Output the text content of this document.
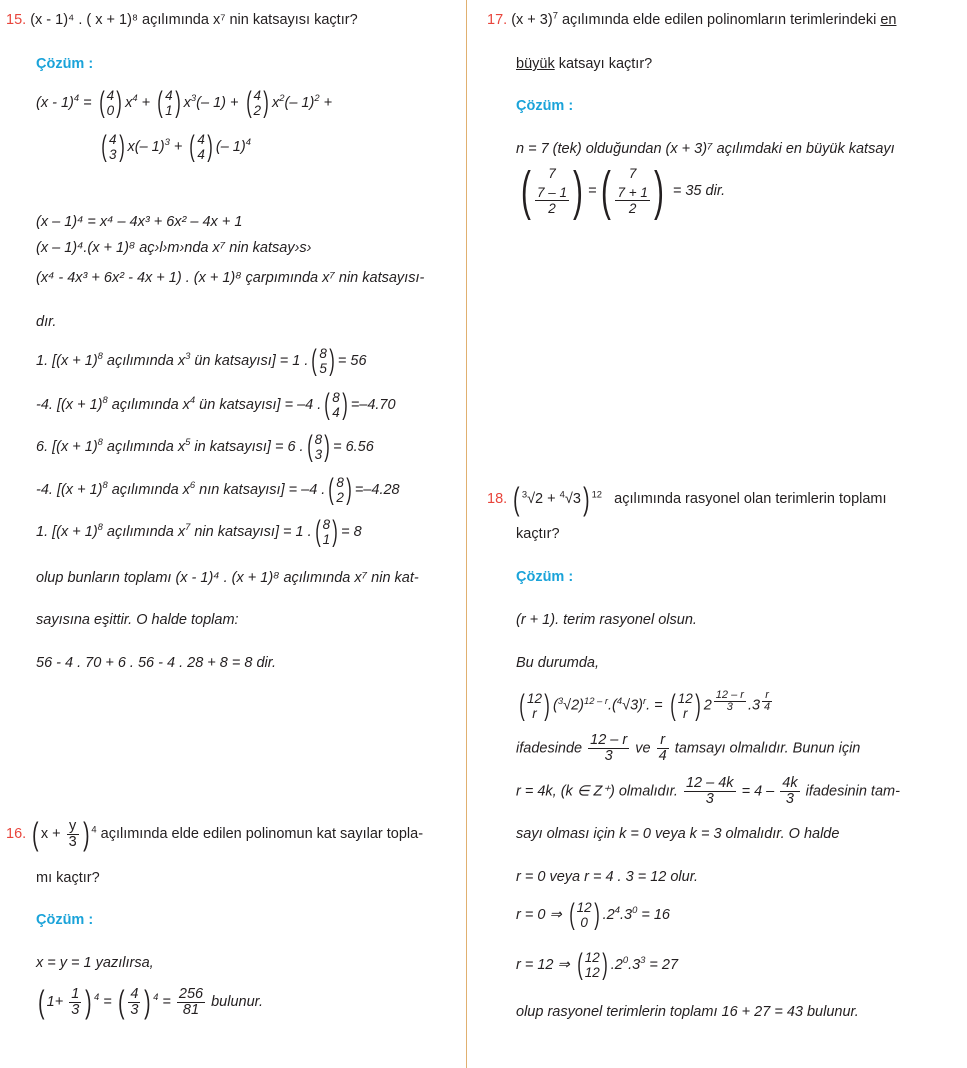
15. (x - 1)⁴ . ( x + 1)⁸ açılımında x⁷ nin katsayısı kaçtır?
Çözüm :
(x - 1)$^4$ = ( 4
0 ) $x^4$ + ( 4
1 ) $x^3(-$ 1) + ( 4
2 ) $x^2(-$ 1)$^2$ +
( 4
3 ) x(– 1)$^3$ + ( 4
4 ) (– 1)$^4$
(x – 1)⁴ = x⁴ – 4x³ + 6x² – 4x + 1
(x – 1)⁴.(x + 1)⁸ aç›l›m›nda x⁷ nin katsay›s›
(x⁴ - 4x³ + 6x² - 4x + 1) . (x + 1)⁸ çarpımında x⁷ nin katsayısı-
dır.
1. [$(x + 1)^8$ açılımında $x^3$ ün katsayısı] = 1 . ( 8
5 ) = 56
-4. [$(x + 1)^8$ açılımında $x^4$ ün katsayısı] = –4 . ( 8
4 ) =–4.70
6. [$(x + 1)^8$ açılımında $x^5$ in katsayısı] = 6 . ( 8
3 ) = 6.56
-4. [$(x + 1)^8$ açılımında $x^6$ nın katsayısı] = –4 . ( 8
2 ) =–4.28
1. [$(x + 1)^8$ açılımında $x^7$ nin katsayısı] = 1 . ( 8
1 ) = 8
olup bunların toplamı (x - 1)⁴ . (x + 1)⁸ açılımında x⁷ nin kat-
sayısına eşittir. O halde toplam:
56 - 4 . 70 + 6 . 56 - 4 . 28 + 8 = 8 dir.
16. ( $x + \frac{y}{3}$ ) $^4$ açılımında elde edilen polinomun kat sayılar topla-
mı kaçtır?
Çözüm :
x = y = 1 yazılırsa,
( $1+ \frac{1}{3}$ ) $^4$ = ( $\frac{4}{3}$ ) $^4 = \frac{256}{81}$ bulunur.
17. $(x + 3)^7$ açılımında elde edilen polinomların terimlerindeki en
büyük katsayı kaçtır?
Çözüm :
n = 7 (tek) olduğundan (x + 3)⁷ açılımdaki en büyük katsayı
(	7
$\frac{7 - 1}{2}$ ) = (	7
$\frac{7 + 1}{2}$ ) = 35 dir.
18. ( $^3$√2 + $^4$√3) $^{12}$ açılımında rasyonel olan terimlerin toplamı
kaçtır?
Çözüm :
(r + 1). terim rasyonel olsun.
Bu durumda,
( 12
r ) $(^3√2)^{12 - r}.(^4√3)^r$. = ( 12
r ) 2 $^{\frac{12 - r}{3}}$ .3 $^{\frac{r}{4}}$
ifadesinde $\frac{12 - r}{3}$ ve $\frac{r}{4}$ tamsayı olmalıdır. Bunun için
r = 4k, (k ∈ Z⁺) olmalıdır. $\frac{12 - 4k}{3} = 4 - \frac{4k}{3}$ ifadesinin tam-
sayı olması için k = 0 veya k = 3 olmalıdır. O halde
r = 0 veya r = 4 . 3 = 12 olur.
r = 0 ⇒ ( 12
0 ) $.2^4.3^0 = 16$
r = 12 ⇒ ( 12
12 ) $.2^0.3^3 = 27$
olup rasyonel terimlerin toplamı 16 + 27 = 43 bulunur.
